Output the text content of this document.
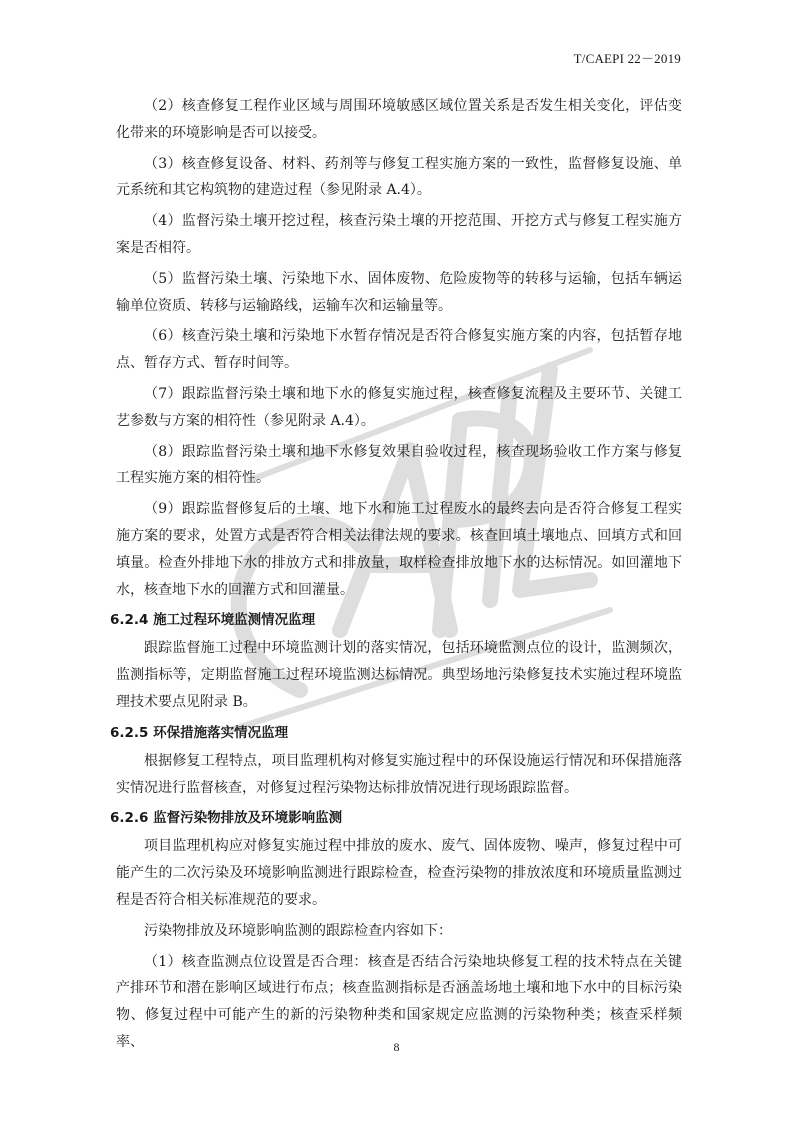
T/CAEPI 22－2019

（2）核查修复工程作业区域与周围环境敏感区域位置关系是否发生相关变化，评估变化带来的环境影响是否可以接受。

（3）核查修复设备、材料、药剂等与修复工程实施方案的一致性，监督修复设施、单元系统和其它构筑物的建造过程（参见附录 A.4）。

（4）监督污染土壤开挖过程，核查污染土壤的开挖范围、开挖方式与修复工程实施方案是否相符。

（5）监督污染土壤、污染地下水、固体废物、危险废物等的转移与运输，包括车辆运输单位资质、转移与运输路线，运输车次和运输量等。

（6）核查污染土壤和污染地下水暂存情况是否符合修复实施方案的内容，包括暂存地点、暂存方式、暂存时间等。

（7）跟踪监督污染土壤和地下水的修复实施过程，核查修复流程及主要环节、关键工艺参数与方案的相符性（参见附录 A.4）。

（8）跟踪监督污染土壤和地下水修复效果自验收过程，核查现场验收工作方案与修复工程实施方案的相符性。

（9）跟踪监督修复后的土壤、地下水和施工过程废水的最终去向是否符合修复工程实施方案的要求，处置方式是否符合相关法律法规的要求。核查回填土壤地点、回填方式和回填量。检查外排地下水的排放方式和排放量，取样检查排放地下水的达标情况。如回灌地下水，核查地下水的回灌方式和回灌量。

6.2.4 施工过程环境监测情况监理

跟踪监督施工过程中环境监测计划的落实情况，包括环境监测点位的设计，监测频次，监测指标等，定期监督施工过程环境监测达标情况。典型场地污染修复技术实施过程环境监理技术要点见附录 B。

6.2.5 环保措施落实情况监理

根据修复工程特点，项目监理机构对修复实施过程中的环保设施运行情况和环保措施落实情况进行监督核查，对修复过程污染物达标排放情况进行现场跟踪监督。

6.2.6 监督污染物排放及环境影响监测

项目监理机构应对修复实施过程中排放的废水、废气、固体废物、噪声，修复过程中可能产生的二次污染及环境影响监测进行跟踪检查，检查污染物的排放浓度和环境质量监测过程是否符合相关标准规范的要求。

污染物排放及环境影响监测的跟踪检查内容如下：

（1）核查监测点位设置是否合理：核查是否结合污染地块修复工程的技术特点在关键产排环节和潜在影响区域进行布点；核查监测指标是否涵盖场地土壤和地下水中的目标污染物、修复过程中可能产生的新的污染物种类和国家规定应监测的污染物种类；核查采样频率、	8
